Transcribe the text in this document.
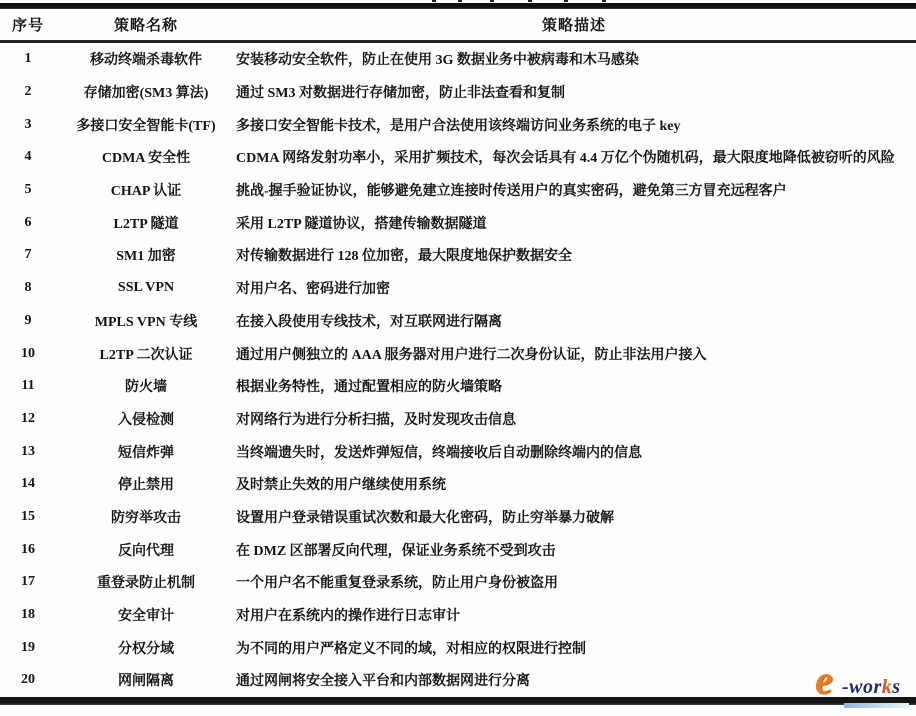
序号	策略名称	策略描述
1	移动终端杀毒软件	安装移动安全软件，防止在使用 3G 数据业务中被病毒和木马感染
2	存储加密(SM3 算法)	通过 SM3 对数据进行存储加密，防止非法查看和复制
3	多接口安全智能卡(TF)	多接口安全智能卡技术，是用户合法使用该终端访问业务系统的电子 key
4	CDMA 安全性	CDMA 网络发射功率小，采用扩频技术，每次会话具有 4.4 万亿个伪随机码，最大限度地降低被窃听的风险
5	CHAP 认证	挑战-握手验证协议，能够避免建立连接时传送用户的真实密码，避免第三方冒充远程客户
6	L2TP 隧道	采用 L2TP 隧道协议，搭建传输数据隧道
7	SM1 加密	对传输数据进行 128 位加密，最大限度地保护数据安全
8	SSL VPN	对用户名、密码进行加密
9	MPLS VPN 专线	在接入段使用专线技术，对互联网进行隔离
10	L2TP 二次认证	通过用户侧独立的 AAA 服务器对用户进行二次身份认证，防止非法用户接入
11	防火墙	根据业务特性，通过配置相应的防火墙策略
12	入侵检测	对网络行为进行分析扫描，及时发现攻击信息
13	短信炸弹	当终端遗失时，发送炸弹短信，终端接收后自动删除终端内的信息
14	停止禁用	及时禁止失效的用户继续使用系统
15	防穷举攻击	设置用户登录错误重试次数和最大化密码，防止穷举暴力破解
16	反向代理	在 DMZ 区部署反向代理，保证业务系统不受到攻击
17	重登录防止机制	一个用户名不能重复登录系统，防止用户身份被盗用
18	安全审计	对用户在系统内的操作进行日志审计
19	分权分域	为不同的用户严格定义不同的域，对相应的权限进行控制
20	网闸隔离	通过网闸将安全接入平台和内部数据网进行分离	e -works
